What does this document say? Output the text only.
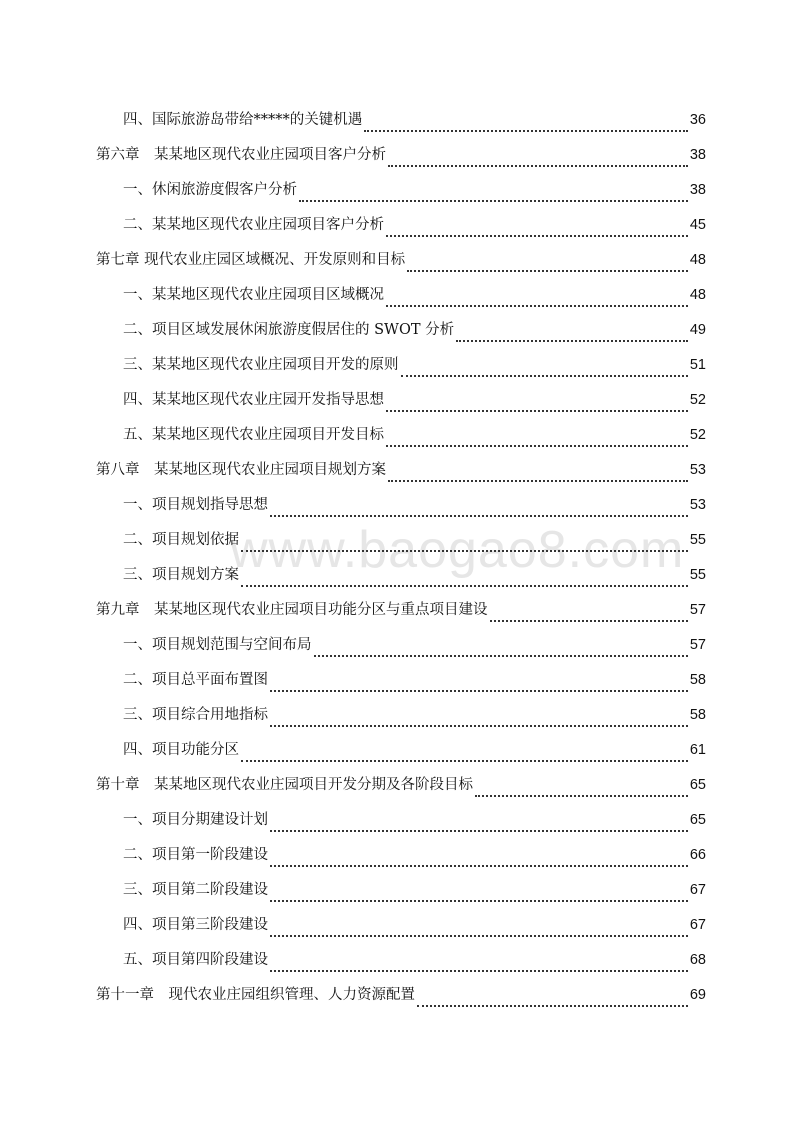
www.baogao8.com
四、国际旅游岛带给*****的关键机遇	36
第六章　某某地区现代农业庄园项目客户分析	38
一、休闲旅游度假客户分析	38
二、某某地区现代农业庄园项目客户分析	45
第七章 现代农业庄园区域概况、开发原则和目标	48
一、某某地区现代农业庄园项目区域概况	48
二、项目区域发展休闲旅游度假居住的 SWOT 分析	49
三、某某地区现代农业庄园项目开发的原则	51
四、某某地区现代农业庄园开发指导思想	52
五、某某地区现代农业庄园项目开发目标	52
第八章　某某地区现代农业庄园项目规划方案	53
一、项目规划指导思想	53
二、项目规划依据	55
三、项目规划方案	55
第九章　某某地区现代农业庄园项目功能分区与重点项目建设	57
一、项目规划范围与空间布局	57
二、项目总平面布置图	58
三、项目综合用地指标	58
四、项目功能分区	61
第十章　某某地区现代农业庄园项目开发分期及各阶段目标	65
一、项目分期建设计划	65
二、项目第一阶段建设	66
三、项目第二阶段建设	67
四、项目第三阶段建设	67
五、项目第四阶段建设	68
第十一章　现代农业庄园组织管理、人力资源配置	69
